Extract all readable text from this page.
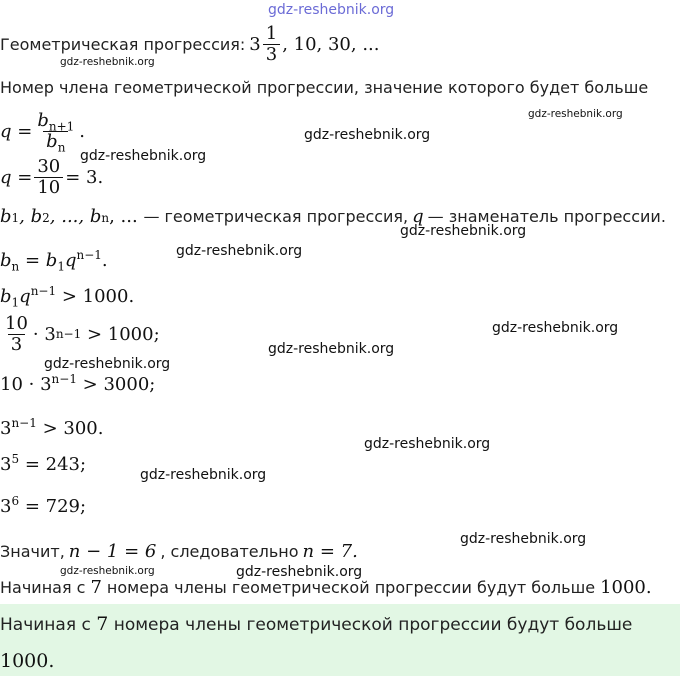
gdz-reshebnik.org
Геометрическая прогрессия: $3 \frac{1}{3}$ , 10, 30, ...
gdz-reshebnik.org
Номер члена геометрической прогрессии, значение которого будет больше
gdz-reshebnik.org
$q = \frac{b_{n+1}}{b_n}$ .	gdz-reshebnik.org
gdz-reshebnik.org
$q = \frac{30}{10} = 3$.
b 1 , b 2 , ..., b n , ... — геометрическая прогрессия, q — знаменатель прогрессии.
gdz-reshebnik.org
gdz-reshebnik.org
$b_n = b_1q^{n-1}$.
$b_1q^{n-1} > 1000$.
$\frac{10}{3} \cdot 3$ n−1 > 1000;	gdz-reshebnik.org
gdz-reshebnik.org
gdz-reshebnik.org
$10 \cdot 3^{n-1} > 3000$;
$3^{n-1} > 300$.
gdz-reshebnik.org
$3^5 = 243$;	gdz-reshebnik.org
$3^6 = 729$;
gdz-reshebnik.org
Значит, n − 1 = 6 , следовательно n = 7.
gdz-reshebnik.org	gdz-reshebnik.org
Начиная с 7 номера члены геометрической прогрессии будут больше 1000.
Начиная с 7 номера члены геометрической прогрессии будут больше 1000.
